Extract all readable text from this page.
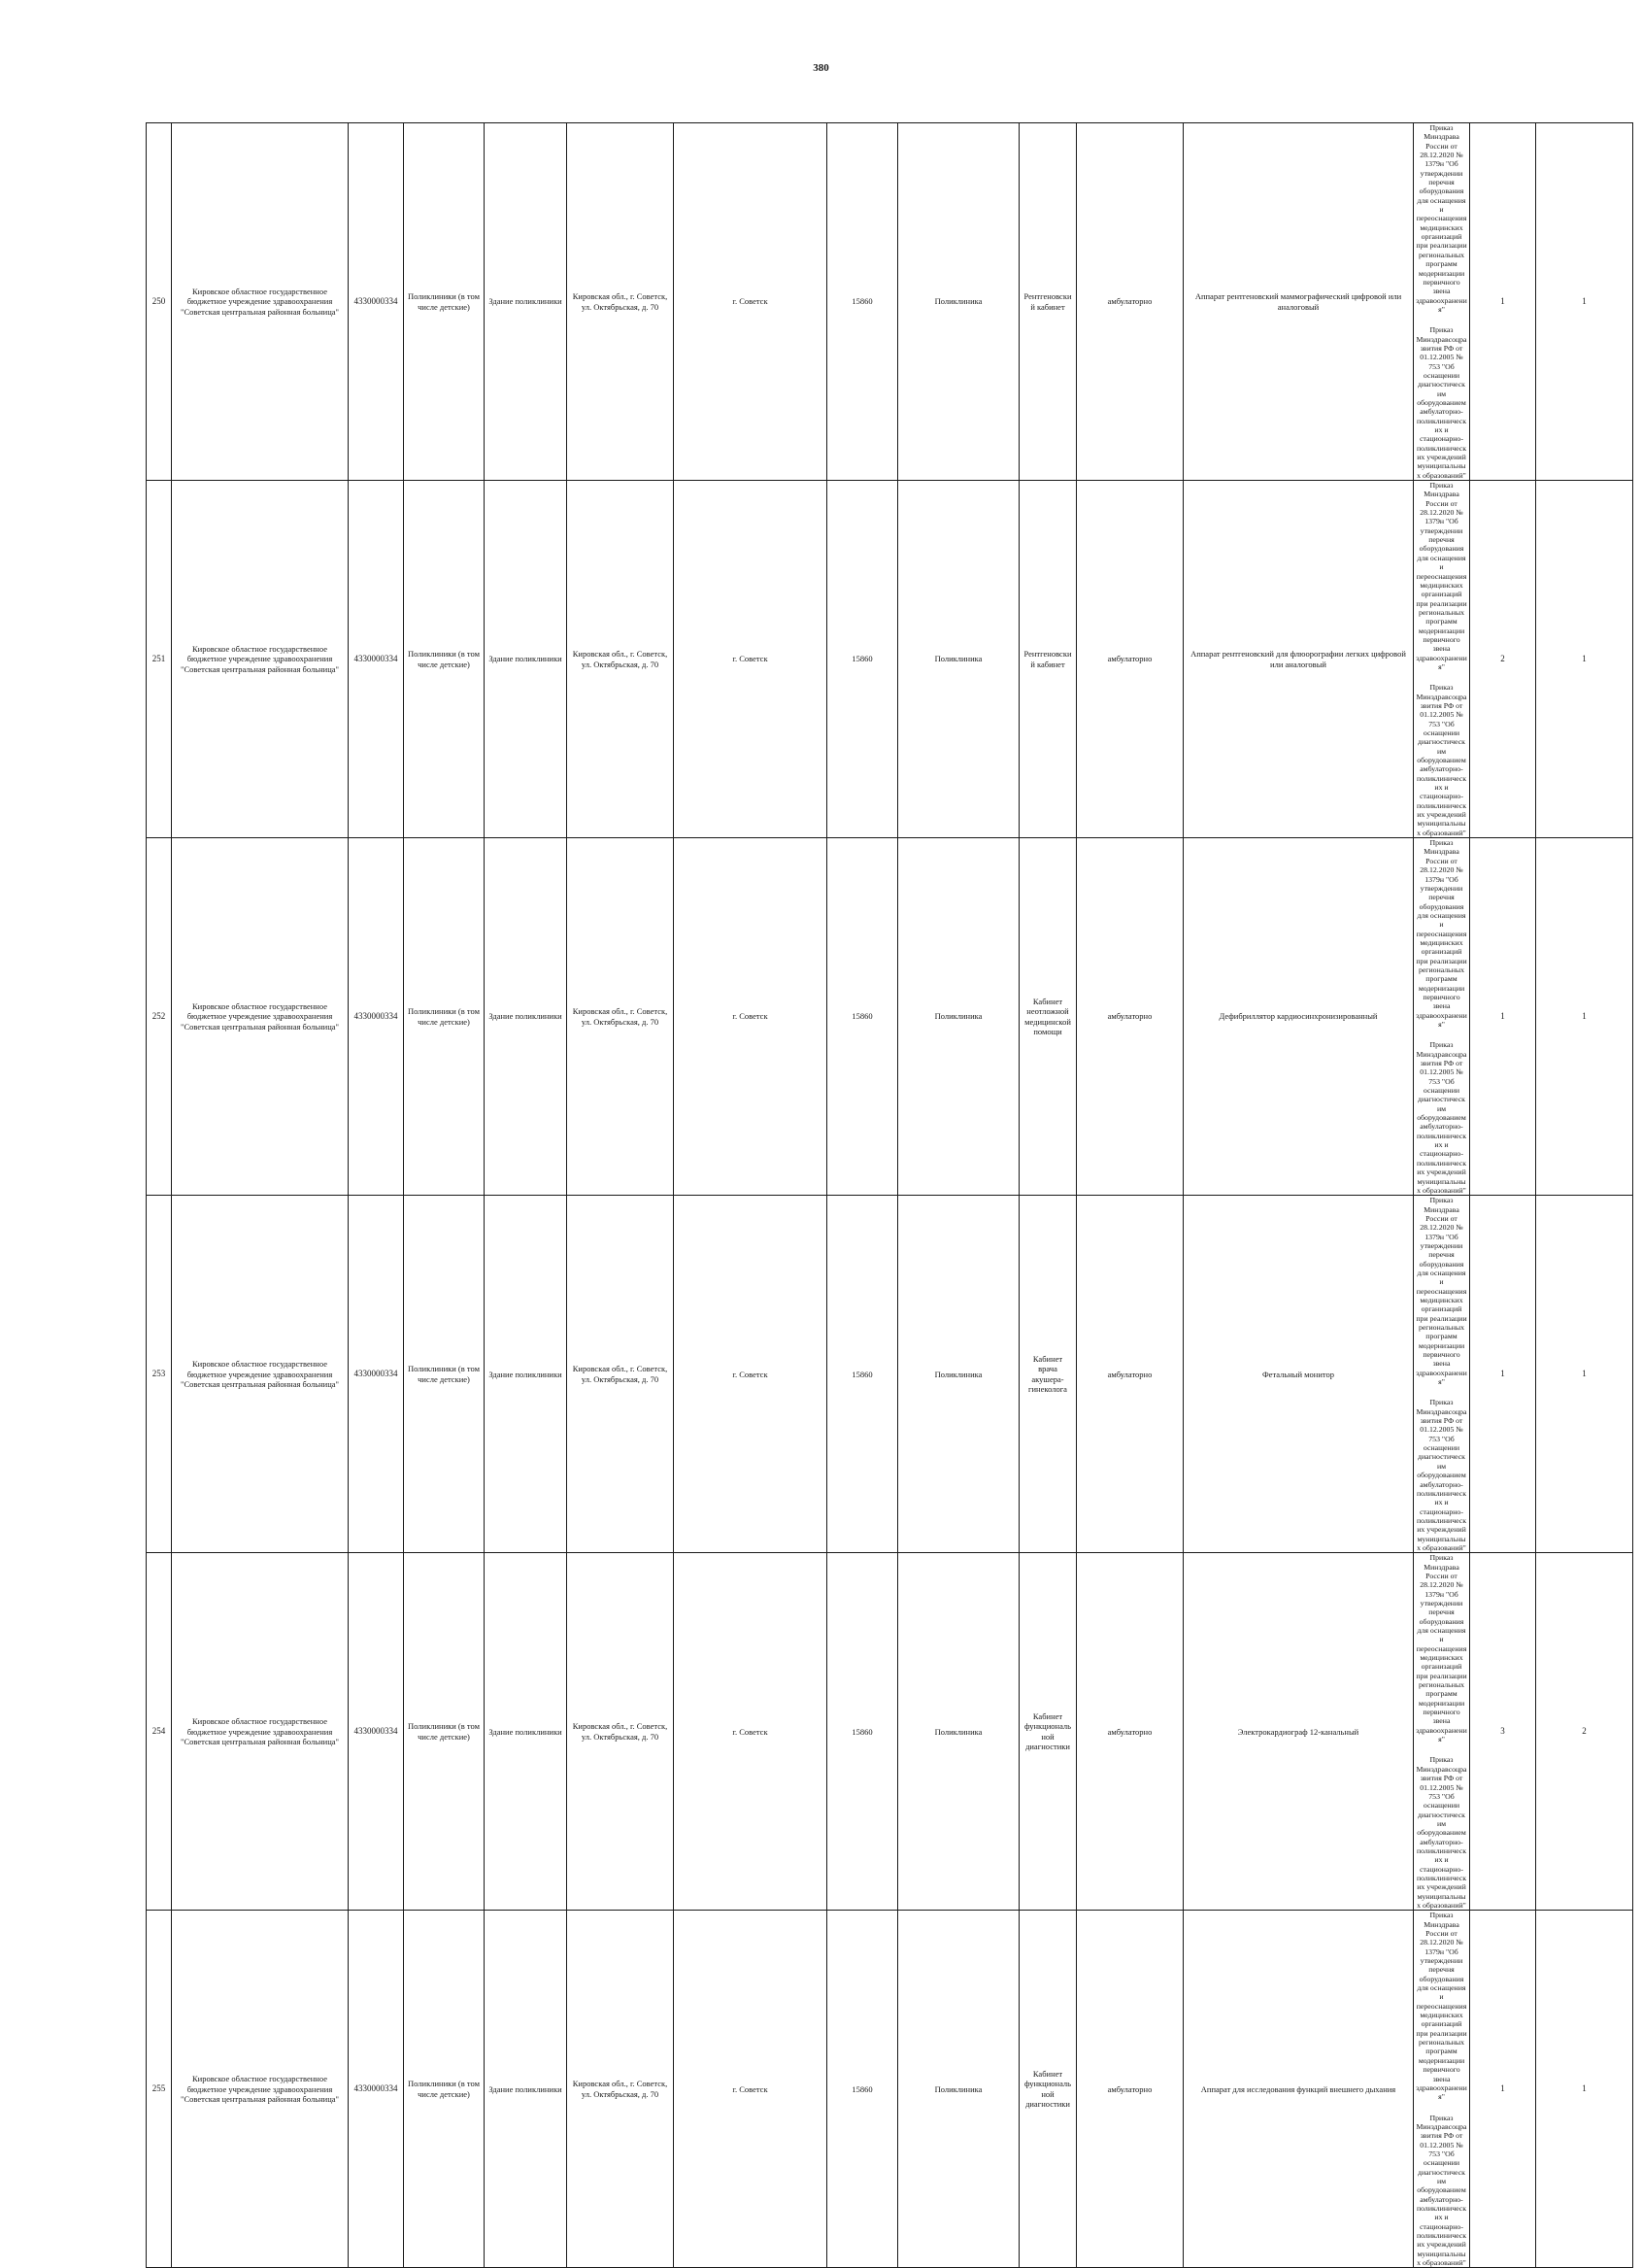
380
250	Кировское областное государственное бюджетное учреждение здравоохранения "Советская центральная районная больница"	4330000334	Поликлиники (в том числе детские)	Здание поликлиники	Кировская обл., г. Советск, ул. Октябрьская, д. 70	г. Советск	15860	Поликлиника	Рентгеновский кабинет	амбулаторно	Аппарат рентгеновский маммографический цифровой или аналоговый	Приказ Минздрава России от 28.12.2020 № 1379н "Об утверждении перечня оборудования для оснащения и переоснащения медицинских организаций при реализации региональных программ модернизации первичного звена здравоохранения"

Приказ Минздравсоцразвития РФ от 01.12.2005 № 753 "Об оснащении диагностическим оборудованием амбулаторно-поликлинических и стационарно-поликлинических учреждений муниципальных образований"	1	1	
251	Кировское областное государственное бюджетное учреждение здравоохранения "Советская центральная районная больница"	4330000334	Поликлиники (в том числе детские)	Здание поликлиники	Кировская обл., г. Советск, ул. Октябрьская, д. 70	г. Советск	15860	Поликлиника	Рентгеновский кабинет	амбулаторно	Аппарат рентгеновский для флюорографии легких цифровой или аналоговый	Приказ Минздрава России от 28.12.2020 № 1379н "Об утверждении перечня оборудования для оснащения и переоснащения медицинских организаций при реализации региональных программ модернизации первичного звена здравоохранения"

Приказ Минздравсоцразвития РФ от 01.12.2005 № 753 "Об оснащении диагностическим оборудованием амбулаторно-поликлинических и стационарно-поликлинических учреждений муниципальных образований"	2	1	
252	Кировское областное государственное бюджетное учреждение здравоохранения "Советская центральная районная больница"	4330000334	Поликлиники (в том числе детские)	Здание поликлиники	Кировская обл., г. Советск, ул. Октябрьская, д. 70	г. Советск	15860	Поликлиника	Кабинет неотложной медицинской помощи	амбулаторно	Дефибриллятор кардиосинхронизированный	Приказ Минздрава России от 28.12.2020 № 1379н "Об утверждении перечня оборудования для оснащения и переоснащения медицинских организаций при реализации региональных программ модернизации первичного звена здравоохранения"

Приказ Минздравсоцразвития РФ от 01.12.2005 № 753 "Об оснащении диагностическим оборудованием амбулаторно-поликлинических и стационарно-поликлинических учреждений муниципальных образований"	1	1	
253	Кировское областное государственное бюджетное учреждение здравоохранения "Советская центральная районная больница"	4330000334	Поликлиники (в том числе детские)	Здание поликлиники	Кировская обл., г. Советск, ул. Октябрьская, д. 70	г. Советск	15860	Поликлиника	Кабинет врача акушера-гинеколога	амбулаторно	Фетальный монитор	Приказ Минздрава России от 28.12.2020 № 1379н "Об утверждении перечня оборудования для оснащения и переоснащения медицинских организаций при реализации региональных программ модернизации первичного звена здравоохранения"

Приказ Минздравсоцразвития РФ от 01.12.2005 № 753 "Об оснащении диагностическим оборудованием амбулаторно-поликлинических и стационарно-поликлинических учреждений муниципальных образований"	1	1	
254	Кировское областное государственное бюджетное учреждение здравоохранения "Советская центральная районная больница"	4330000334	Поликлиники (в том числе детские)	Здание поликлиники	Кировская обл., г. Советск, ул. Октябрьская, д. 70	г. Советск	15860	Поликлиника	Кабинет функциональной диагностики	амбулаторно	Электрокардиограф 12-канальный	Приказ Минздрава России от 28.12.2020 № 1379н "Об утверждении перечня оборудования для оснащения и переоснащения медицинских организаций при реализации региональных программ модернизации первичного звена здравоохранения"

Приказ Минздравсоцразвития РФ от 01.12.2005 № 753 "Об оснащении диагностическим оборудованием амбулаторно-поликлинических и стационарно-поликлинических учреждений муниципальных образований"	3	2	
255	Кировское областное государственное бюджетное учреждение здравоохранения "Советская центральная районная больница"	4330000334	Поликлиники (в том числе детские)	Здание поликлиники	Кировская обл., г. Советск, ул. Октябрьская, д. 70	г. Советск	15860	Поликлиника	Кабинет функциональной диагностики	амбулаторно	Аппарат для исследования функций внешнего дыхания	Приказ Минздрава России от 28.12.2020 № 1379н "Об утверждении перечня оборудования для оснащения и переоснащения медицинских организаций при реализации региональных программ модернизации первичного звена здравоохранения"

Приказ Минздравсоцразвития РФ от 01.12.2005 № 753 "Об оснащении диагностическим оборудованием амбулаторно-поликлинических и стационарно-поликлинических учреждений муниципальных образований"	1	1	
